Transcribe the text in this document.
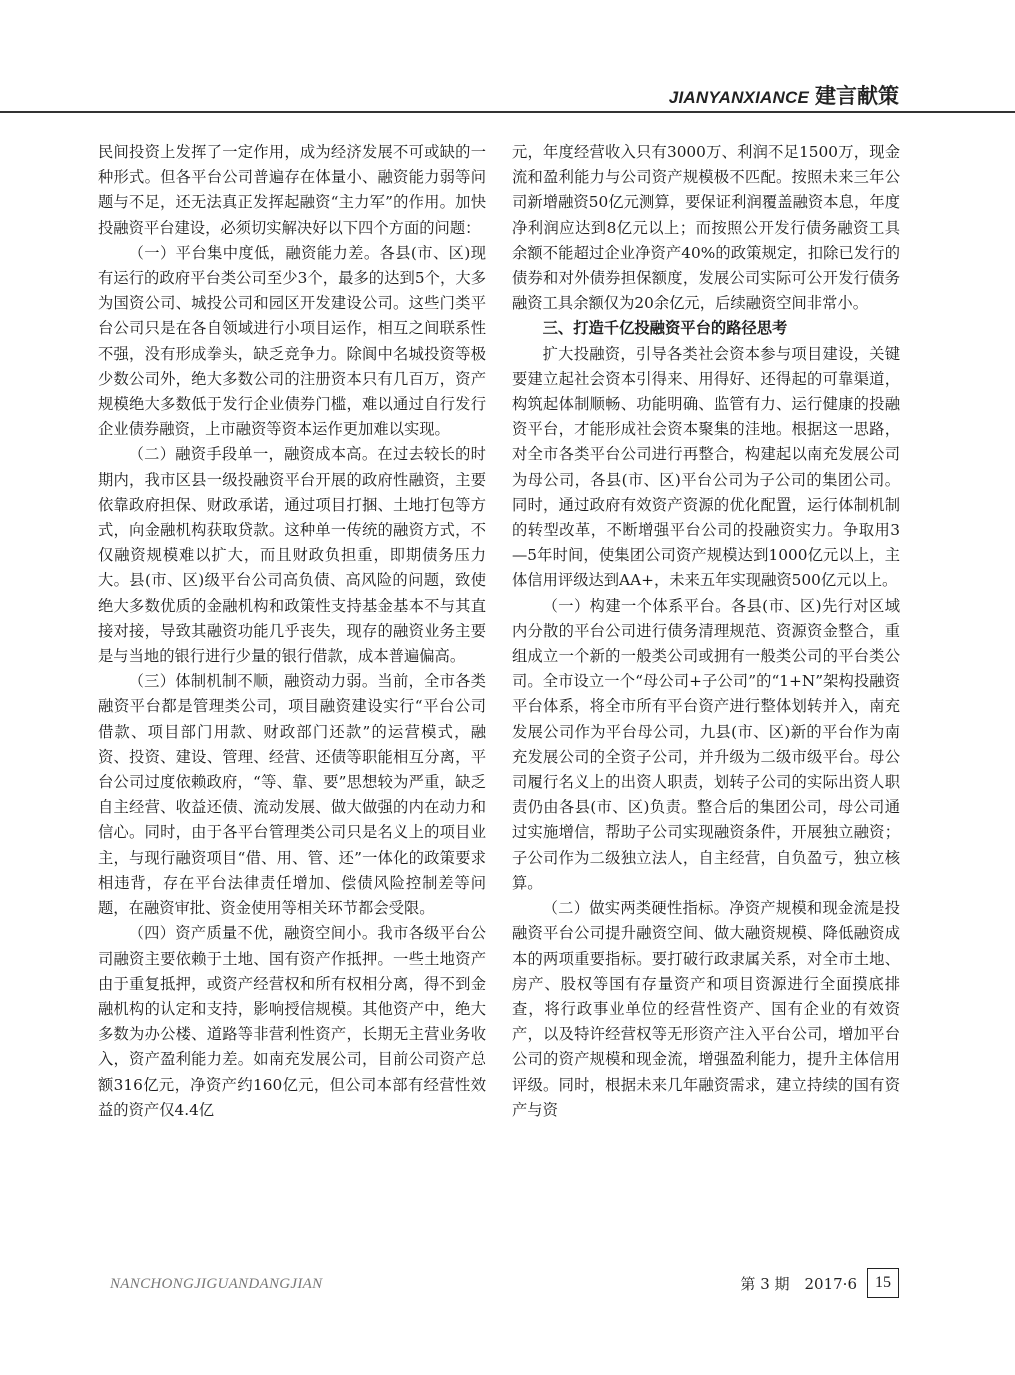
JIANYANXIANCE 建言献策

民间投资上发挥了一定作用，成为经济发展不可或缺的一种形式。但各平台公司普遍存在体量小、融资能力弱等问题与不足，还无法真正发挥起融资“主力军”的作用。加快投融资平台建设，必须切实解决好以下四个方面的问题：

（一）平台集中度低，融资能力差。各县(市、区)现有运行的政府平台类公司至少3个，最多的达到5个，大多为国资公司、城投公司和园区开发建设公司。这些门类平台公司只是在各自领域进行小项目运作，相互之间联系性不强，没有形成拳头，缺乏竞争力。除阆中名城投资等极少数公司外，绝大多数公司的注册资本只有几百万，资产规模绝大多数低于发行企业债券门槛，难以通过自行发行企业债券融资，上市融资等资本运作更加难以实现。

（二）融资手段单一，融资成本高。在过去较长的时期内，我市区县一级投融资平台开展的政府性融资，主要依靠政府担保、财政承诺，通过项目打捆、土地打包等方式，向金融机构获取贷款。这种单一传统的融资方式，不仅融资规模难以扩大，而且财政负担重，即期债务压力大。县(市、区)级平台公司高负债、高风险的问题，致使绝大多数优质的金融机构和政策性支持基金基本不与其直接对接，导致其融资功能几乎丧失，现存的融资业务主要是与当地的银行进行少量的银行借款，成本普遍偏高。

（三）体制机制不顺，融资动力弱。当前，全市各类融资平台都是管理类公司，项目融资建设实行“平台公司借款、项目部门用款、财政部门还款”的运营模式，融资、投资、建设、管理、经营、还债等职能相互分离，平台公司过度依赖政府，“等、靠、要”思想较为严重，缺乏自主经营、收益还债、流动发展、做大做强的内在动力和信心。同时，由于各平台管理类公司只是名义上的项目业主，与现行融资项目“借、用、管、还”一体化的政策要求相违背，存在平台法律责任增加、偿债风险控制差等问题，在融资审批、资金使用等相关环节都会受限。

（四）资产质量不优，融资空间小。我市各级平台公司融资主要依赖于土地、国有资产作抵押。一些土地资产由于重复抵押，或资产经营权和所有权相分离，得不到金融机构的认定和支持，影响授信规模。其他资产中，绝大多数为办公楼、道路等非营利性资产，长期无主营业务收入，资产盈利能力差。如南充发展公司，目前公司资产总额316亿元，净资产约160亿元，但公司本部有经营性效益的资产仅4.4亿

元，年度经营收入只有3000万、利润不足1500万，现金流和盈利能力与公司资产规模极不匹配。按照未来三年公司新增融资50亿元测算，要保证利润覆盖融资本息，年度净利润应达到8亿元以上；而按照公开发行债务融资工具余额不能超过企业净资产40%的政策规定，扣除已发行的债券和对外债券担保额度，发展公司实际可公开发行债务融资工具余额仅为20余亿元，后续融资空间非常小。

三、打造千亿投融资平台的路径思考

扩大投融资，引导各类社会资本参与项目建设，关键要建立起社会资本引得来、用得好、还得起的可靠渠道，构筑起体制顺畅、功能明确、监管有力、运行健康的投融资平台，才能形成社会资本聚集的洼地。根据这一思路，对全市各类平台公司进行再整合，构建起以南充发展公司为母公司，各县(市、区)平台公司为子公司的集团公司。同时，通过政府有效资产资源的优化配置，运行体制机制的转型改革，不断增强平台公司的投融资实力。争取用3—5年时间，使集团公司资产规模达到1000亿元以上，主体信用评级达到AA+，未来五年实现融资500亿元以上。

（一）构建一个体系平台。各县(市、区)先行对区域内分散的平台公司进行债务清理规范、资源资金整合，重组成立一个新的一般类公司或拥有一般类公司的平台类公司。全市设立一个“母公司+子公司”的“1+N”架构投融资平台体系，将全市所有平台资产进行整体划转并入，南充发展公司作为平台母公司，九县(市、区)新的平台作为南充发展公司的全资子公司，并升级为二级市级平台。母公司履行名义上的出资人职责，划转子公司的实际出资人职责仍由各县(市、区)负责。整合后的集团公司，母公司通过实施增信，帮助子公司实现融资条件，开展独立融资；子公司作为二级独立法人，自主经营，自负盈亏，独立核算。

（二）做实两类硬性指标。净资产规模和现金流是投融资平台公司提升融资空间、做大融资规模、降低融资成本的两项重要指标。要打破行政隶属关系，对全市土地、房产、股权等国有存量资产和项目资源进行全面摸底排查，将行政事业单位的经营性资产、国有企业的有效资产，以及特许经营权等无形资产注入平台公司，增加平台公司的资产规模和现金流，增强盈利能力，提升主体信用评级。同时，根据未来几年融资需求，建立持续的国有资产与资

NANCHONGJIGUANDANGJIAN	第 3 期　2017·6	15
